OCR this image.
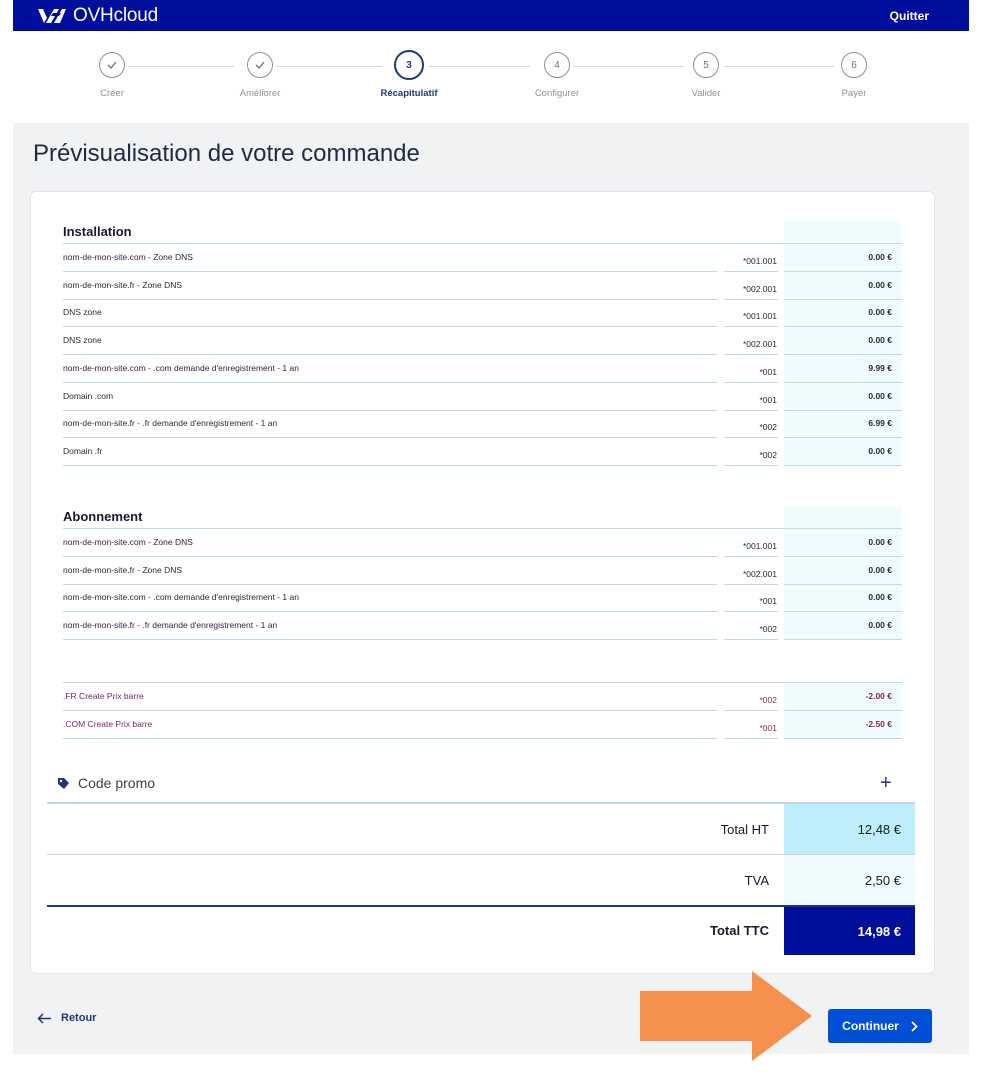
OVHcloud	Quitter
Créer	Améliorer
3
Récapitulatif
4
Configurer
5
Valider
6
Payer
Prévisualisation de votre commande
Installation
nom-de-mon-site.com - Zone DNS	*001.001	0.00 €
nom-de-mon-site.fr - Zone DNS	*002.001	0.00 €
DNS zone	*001.001	0.00 €
DNS zone	*002.001	0.00 €
nom-de-mon-site.com - .com demande d'enregistrement - 1 an	*001	9.99 €
Domain .com	*001	0.00 €
nom-de-mon-site.fr - .fr demande d'enregistrement - 1 an	*002	6.99 €
Domain .fr	*002	0.00 €
Abonnement
nom-de-mon-site.com - Zone DNS	*001.001	0.00 €
nom-de-mon-site.fr - Zone DNS	*002.001	0.00 €
nom-de-mon-site.com - .com demande d'enregistrement - 1 an	*001	0.00 €
nom-de-mon-site.fr - .fr demande d'enregistrement - 1 an	*002	0.00 €
.FR Create Prix barre	*002	-2.00 €
.COM Create Prix barre	*001	-2.50 €
Code promo	+
Total HT	12,48 €
TVA	2,50 €
Total TTC	14,98 €
Retour
Continuer
